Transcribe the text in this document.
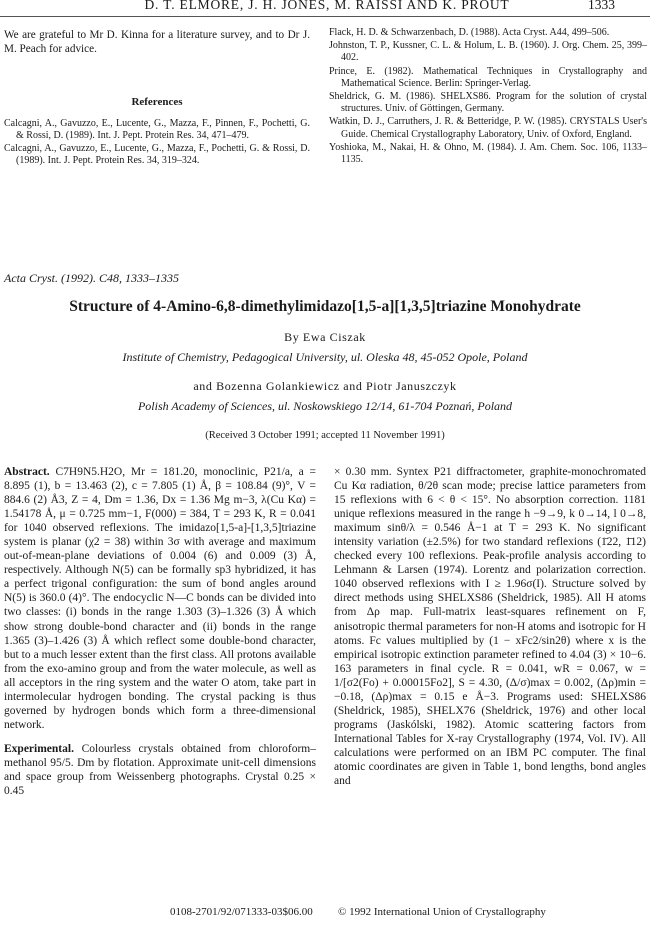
D. T. ELMORE, J. H. JONES, M. RAISSI AND K. PROUT	1333

We are grateful to Mr D. Kinna for a literature survey, and to Dr J. M. Peach for advice.

References

Calcagni, A., Gavuzzo, E., Lucente, G., Mazza, F., Pinnen, F., Pochetti, G. & Rossi, D. (1989). Int. J. Pept. Protein Res. 34, 471–479.

Calcagni, A., Gavuzzo, E., Lucente, G., Mazza, F., Pochetti, G. & Rossi, D. (1989). Int. J. Pept. Protein Res. 34, 319–324.

Flack, H. D. & Schwarzenbach, D. (1988). Acta Cryst. A44, 499–506.

Johnston, T. P., Kussner, C. L. & Holum, L. B. (1960). J. Org. Chem. 25, 399–402.

Prince, E. (1982). Mathematical Techniques in Crystallography and Mathematical Science. Berlin: Springer-Verlag.

Sheldrick, G. M. (1986). SHELXS86. Program for the solution of crystal structures. Univ. of Göttingen, Germany.

Watkin, D. J., Carruthers, J. R. & Betteridge, P. W. (1985). CRYSTALS User's Guide. Chemical Crystallography Laboratory, Univ. of Oxford, England.

Yoshioka, M., Nakai, H. & Ohno, M. (1984). J. Am. Chem. Soc. 106, 1133–1135.

Acta Cryst. (1992). C48, 1333–1335
Structure of 4-Amino-6,8-dimethylimidazo[1,5-a][1,3,5]triazine Monohydrate
By Ewa Ciszak
Institute of Chemistry, Pedagogical University, ul. Oleska 48, 45-052 Opole, Poland
and Bozenna Golankiewicz and Piotr Januszczyk
Polish Academy of Sciences, ul. Noskowskiego 12/14, 61-704 Poznań, Poland
(Received 3 October 1991; accepted 11 November 1991)

Abstract. C7H9N5.H2O, Mr = 181.20, monoclinic, P21/a, a = 8.895 (1), b = 13.463 (2), c = 7.805 (1) Å, β = 108.84 (9)°, V = 884.6 (2) Å3, Z = 4, Dm = 1.36, Dx = 1.36 Mg m−3, λ(Cu Kα) = 1.54178 Å, μ = 0.725 mm−1, F(000) = 384, T = 293 K, R = 0.041 for 1040 observed reflexions. The imidazo[1,5-a]-[1,3,5]triazine system is planar (χ2 = 38) within 3σ with average and maximum out-of-mean-plane deviations of 0.004 (6) and 0.009 (3) Å, respectively. Although N(5) can be formally sp3 hybridized, it has a perfect trigonal configuration: the sum of bond angles around N(5) is 360.0 (4)°. The endocyclic N—C bonds can be divided into two classes: (i) bonds in the range 1.303 (3)–1.326 (3) Å which show strong double-bond character and (ii) bonds in the range 1.365 (3)–1.426 (3) Å which reflect some double-bond character, but to a much lesser extent than the first class. All protons available from the exo-amino group and from the water molecule, as well as all acceptors in the ring system and the water O atom, take part in intermolecular hydrogen bonding. The crystal packing is thus governed by hydrogen bonds which form a three-dimensional network.

Experimental. Colourless crystals obtained from chloroform–methanol 95/5. Dm by flotation. Approximate unit-cell dimensions and space group from Weissenberg photographs. Crystal 0.25 × 0.45

× 0.30 mm. Syntex P21 diffractometer, graphite-monochromated Cu Kα radiation, θ/2θ scan mode; precise lattice parameters from 15 reflexions with 6 < θ < 15°. No absorption correction. 1181 unique reflexions measured in the range h −9→9, k 0→14, l 0→8, maximum sinθ/λ = 0.546 Å−1 at T = 293 K. No significant intensity variation (±2.5%) for two standard reflexions (1̄22, 1̄12) checked every 100 reflexions. Peak-profile analysis according to Lehmann & Larsen (1974). Lorentz and polarization correction. 1040 observed reflexions with I ≥ 1.96σ(I). Structure solved by direct methods using SHELXS86 (Sheldrick, 1985). All H atoms from Δρ map. Full-matrix least-squares refinement on F, anisotropic thermal parameters for non-H atoms and isotropic for H atoms. Fc values multiplied by (1 − xFc2/sin2θ) where x is the empirical isotropic extinction parameter refined to 4.04 (3) × 10−6. 163 parameters in final cycle. R = 0.041, wR = 0.067, w = 1/[σ2(Fo) + 0.00015Fo2], S = 4.30, (Δ/σ)max = 0.002, (Δρ)min = −0.18, (Δρ)max = 0.15 e Å−3. Programs used: SHELXS86 (Sheldrick, 1985), SHELX76 (Sheldrick, 1976) and other local programs (Jaskólski, 1982). Atomic scattering factors from International Tables for X-ray Crystallography (1974, Vol. IV). All calculations were performed on an IBM PC computer. The final atomic coordinates are given in Table 1, bond lengths, bond angles and

0108-2701/92/071333-03$06.00 © 1992 International Union of Crystallography
